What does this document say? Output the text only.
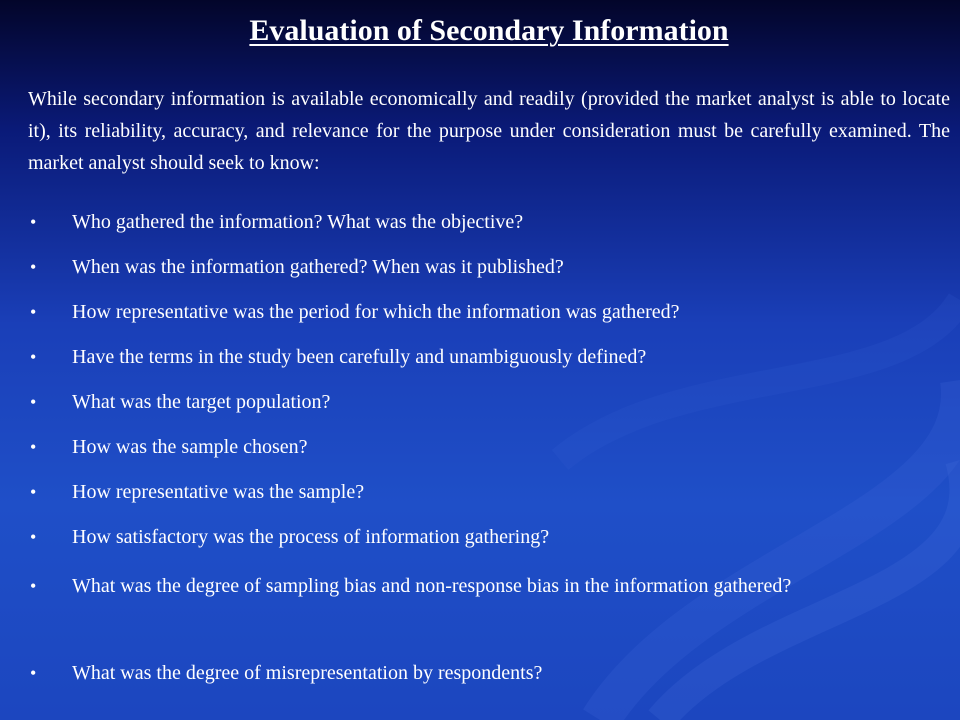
Evaluation of Secondary Information
While secondary information is available economically and readily (provided the market analyst is able to locate it), its reliability, accuracy, and relevance for the purpose under consideration must be carefully examined. The market analyst should seek to know:
• Who gathered the information? What was the objective?
• When was the information gathered? When was it published?
• How representative was the period for which the information was gathered?
• Have the terms in the study been carefully and unambiguously defined?
• What was the target population?
• How was the sample chosen?
• How representative was the sample?
• How satisfactory was the process of information gathering?
• What was the degree of sampling bias and non-response bias in the information gathered?
• What was the degree of misrepresentation by respondents?
